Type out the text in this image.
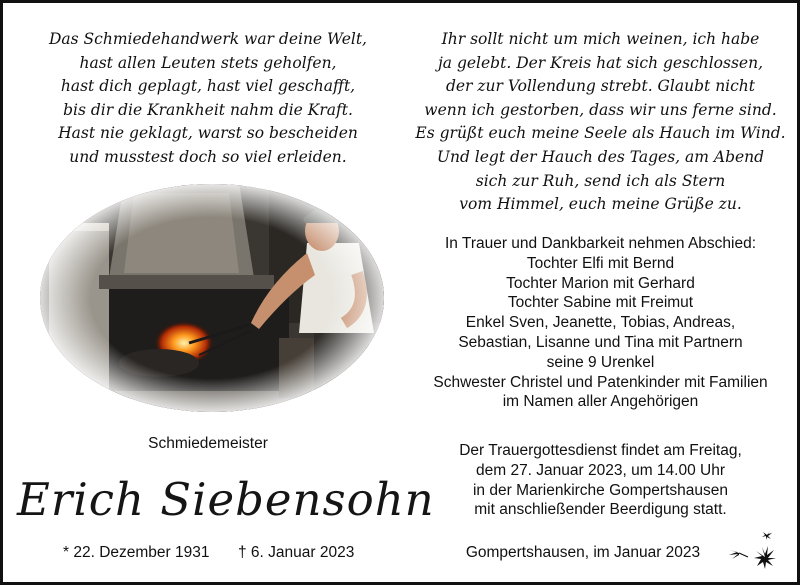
Das Schmiedehandwerk war deine Welt,
hast allen Leuten stets geholfen,
hast dich geplagt, hast viel geschafft,
bis dir die Krankheit nahm die Kraft.
Hast nie geklagt, warst so bescheiden
und musstest doch so viel erleiden.
Ihr sollt nicht um mich weinen, ich habe
ja gelebt. Der Kreis hat sich geschlossen,
der zur Vollendung strebt. Glaubt nicht
wenn ich gestorben, dass wir uns ferne sind.
Es grüßt euch meine Seele als Hauch im Wind.
Und legt der Hauch des Tages, am Abend
sich zur Ruh, send ich als Stern
vom Himmel, euch meine Grüße zu.
Schmiedemeister
Erich Siebensohn
* 22. Dezember 1931 † 6. Januar 2023
In Trauer und Dankbarkeit nehmen Abschied:
Tochter Elfi mit Bernd
Tochter Marion mit Gerhard
Tochter Sabine mit Freimut
Enkel Sven, Jeanette, Tobias, Andreas,
Sebastian, Lisanne und Tina mit Partnern
seine 9 Urenkel
Schwester Christel und Patenkinder mit Familien
im Namen aller Angehörigen
Der Trauergottesdienst findet am Freitag,
dem 27. Januar 2023, um 14.00 Uhr
in der Marienkirche Gompertshausen
mit anschließender Beerdigung statt.
Gompertshausen, im Januar 2023
